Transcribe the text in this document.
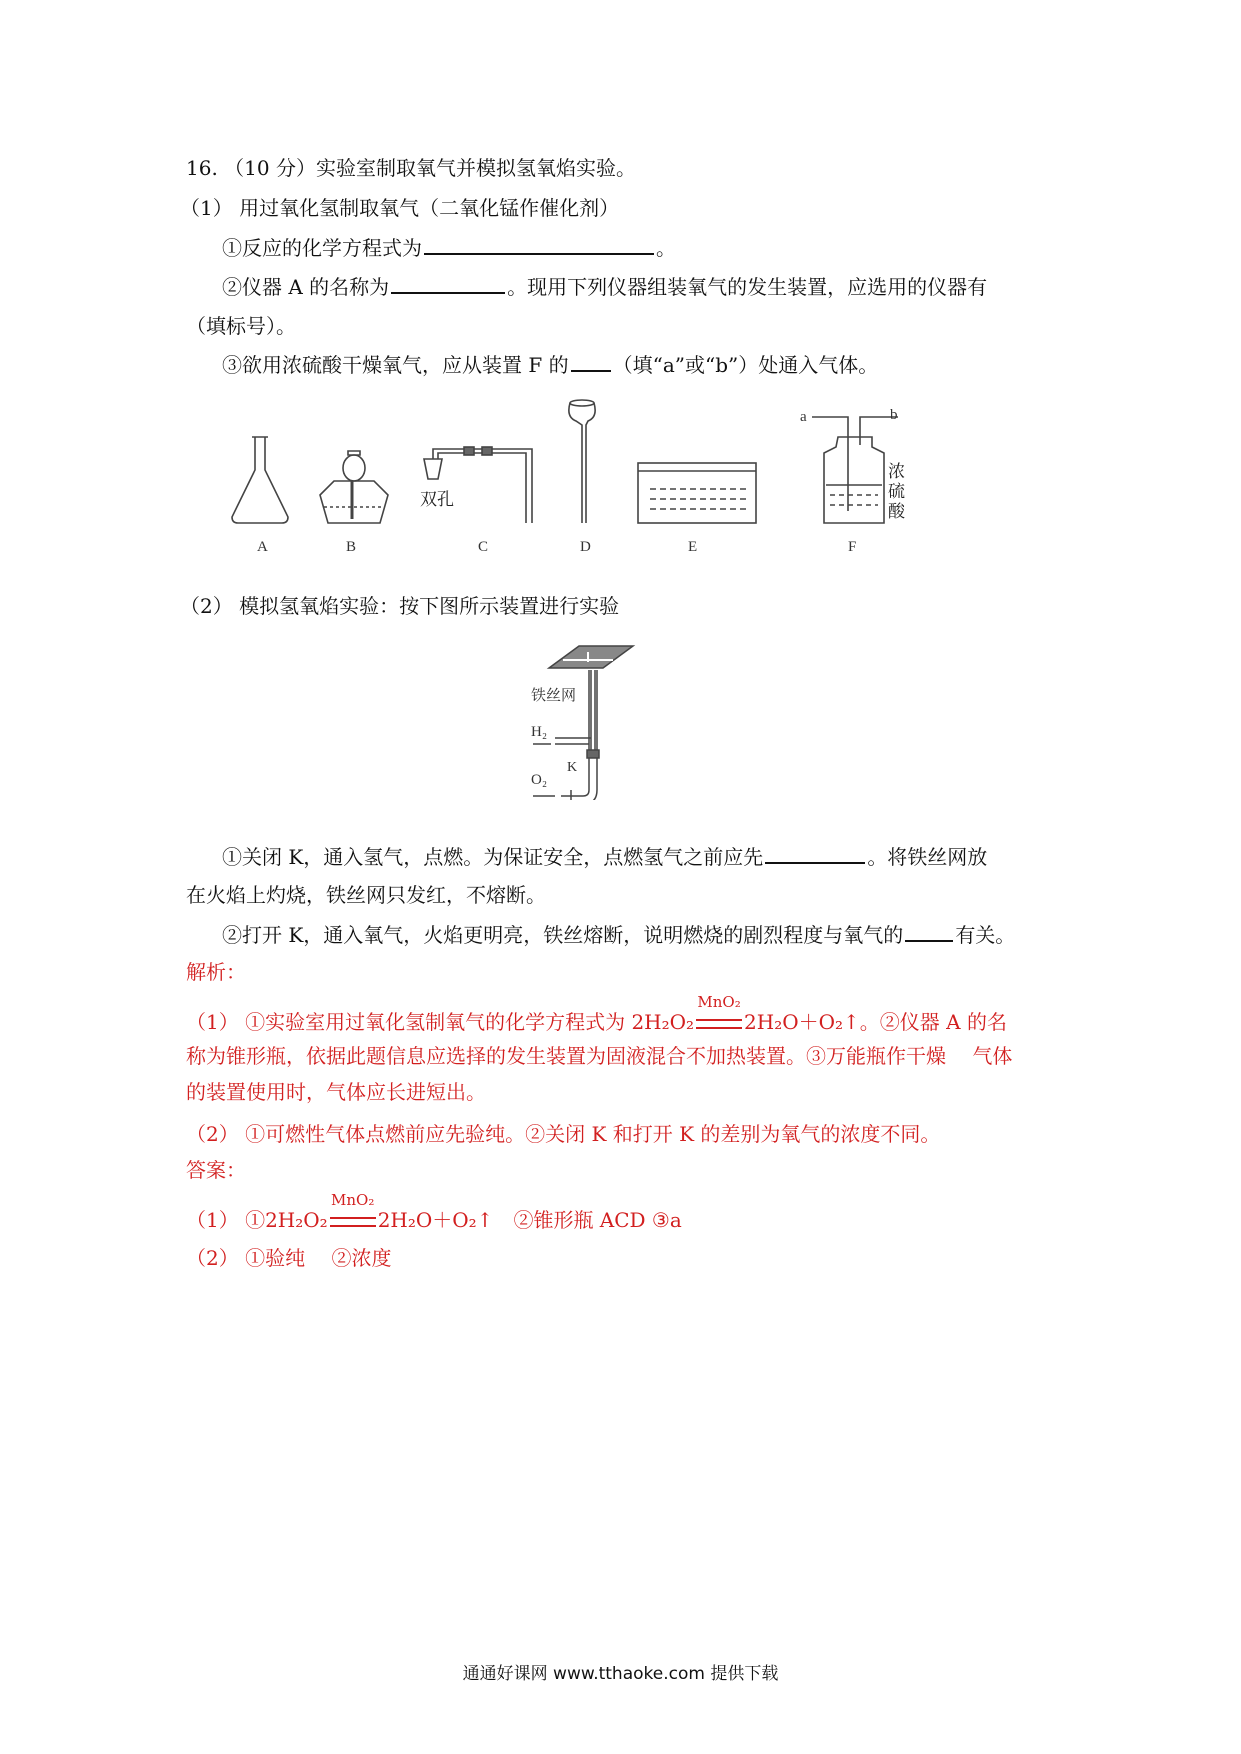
16. （10 分）实验室制取氧气并模拟氢氧焰实验。
（1） 用过氧化氢制取氧气（二氧化锰作催化剂）
①反应的化学方程式为	。
②仪器 A 的名称为	。现用下列仪器组装氧气的发生装置，应选用的仪器有
（填标号）。
③欲用浓硫酸干燥氧气，应从装置 F 的 （填“a”或“b”）处通入气体。
双孔
a	b
浓
硫
酸
A	B	C	D	E	F
（2） 模拟氢氧焰实验：按下图所示装置进行实验
铁丝网
H₂
O₂
K
①关闭 K，通入氢气，点燃。为保证安全，点燃氢气之前应先	。将铁丝网放
在火焰上灼烧，铁丝网只发红，不熔断。
②打开 K，通入氧气，火焰更明亮，铁丝熔断，说明燃烧的剧烈程度与氧气的	有关。
解析：
（1） ①实验室用过氧化氢制氧气的化学方程式为 2H₂O₂
MnO₂
2H₂O＋O₂↑。②仪器 A 的名
称为锥形瓶，依据此题信息应选择的发生装置为固液混合不加热装置。③万能瓶作干燥　 气体
的装置使用时，气体应长进短出。
（2） ①可燃性气体点燃前应先验纯。②关闭 K 和打开 K 的差别为氧气的浓度不同。
答案：
（1） ①2H₂O₂
MnO₂
2H₂O＋O₂↑　②锥形瓶 ACD ③a
（2） ①验纯　 ②浓度
通通好课网 www.tthaoke.com 提供下载
